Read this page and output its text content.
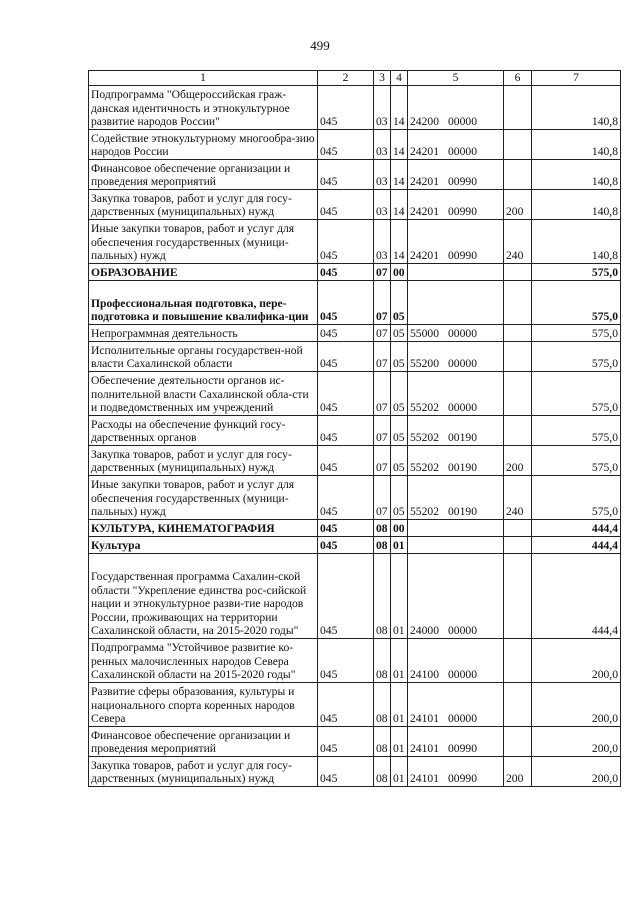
499
1	2	3	4	5	6	7
Подпрограмма "Общероссийская граж-данская идентичность и этнокультурное развитие народов России"	045	03	14	24200 00000		140,8
Содействие этнокультурному многообра-зию народов России	045	03	14	24201 00000		140,8
Финансовое обеспечение организации и проведения мероприятий	045	03	14	24201 00990		140,8
Закупка товаров, работ и услуг для госу-дарственных (муниципальных) нужд	045	03	14	24201 00990	200	140,8
Иные закупки товаров, работ и услуг для обеспечения государственных (муници-пальных) нужд	045	03	14	24201 00990	240	140,8
ОБРАЗОВАНИЕ	045	07	00			575,0
Профессиональная подготовка, пере-подготовка и повышение квалифика-ции	045	07	05			575,0
Непрограммная деятельность	045	07	05	55000 00000		575,0
Исполнительные органы государствен-ной власти Сахалинской области	045	07	05	55200 00000		575,0
Обеспечение деятельности органов ис-полнительной власти Сахалинской обла-сти и подведомственных им учреждений	045	07	05	55202 00000		575,0
Расходы на обеспечение функций госу-дарственных органов	045	07	05	55202 00190		575,0
Закупка товаров, работ и услуг для госу-дарственных (муниципальных) нужд	045	07	05	55202 00190	200	575,0
Иные закупки товаров, работ и услуг для обеспечения государственных (муници-пальных) нужд	045	07	05	55202 00190	240	575,0
КУЛЬТУРА, КИНЕМАТОГРАФИЯ	045	08	00			444,4
Культура	045	08	01			444,4
Государственная программа Сахалин-ской области "Укрепление единства рос-сийской нации и этнокультурное разви-тие народов России, проживающих на территории Сахалинской области, на 2015-2020 годы"	045	08	01	24000 00000		444,4
Подпрограмма "Устойчивое развитие ко-ренных малочисленных народов Севера Сахалинской области на 2015-2020 годы"	045	08	01	24100 00000		200,0
Развитие сферы образования, культуры и национального спорта коренных народов Севера	045	08	01	24101 00000		200,0
Финансовое обеспечение организации и проведения мероприятий	045	08	01	24101 00990		200,0
Закупка товаров, работ и услуг для госу-дарственных (муниципальных) нужд	045	08	01	24101 00990	200	200,0
